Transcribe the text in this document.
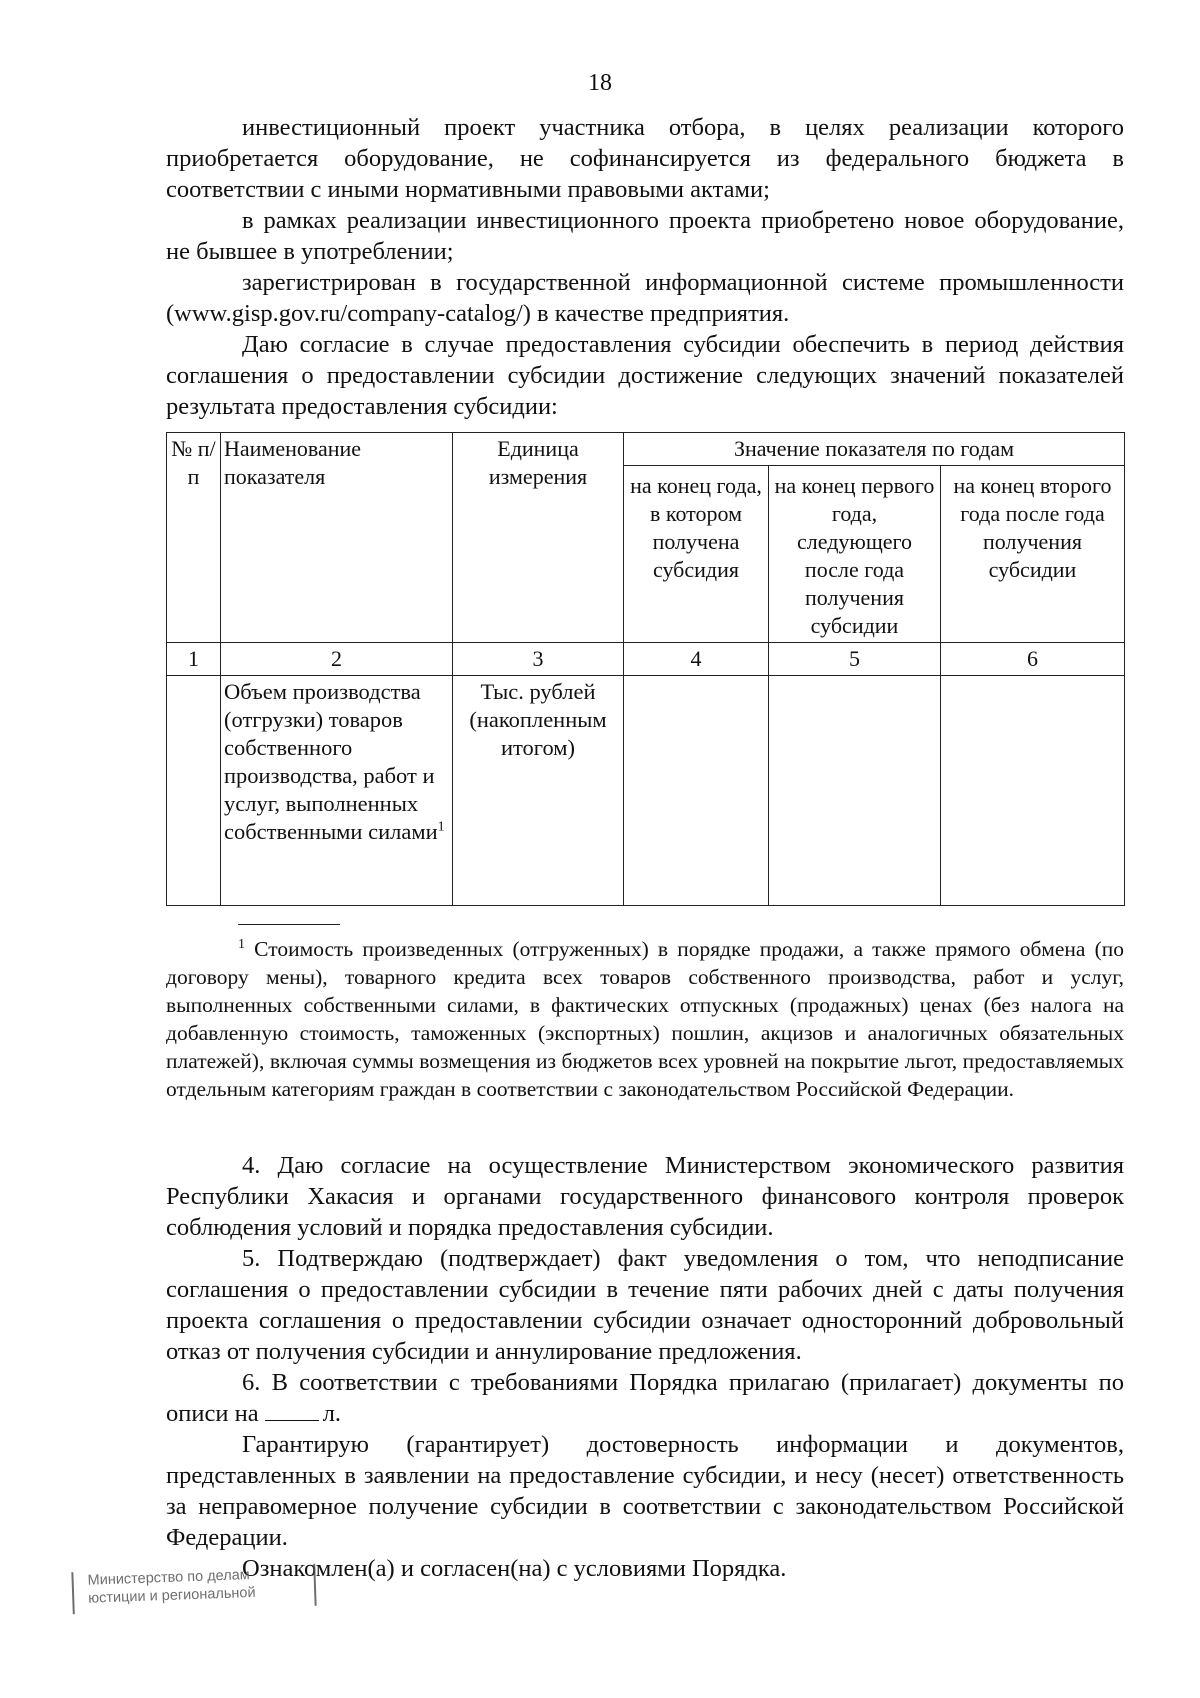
18

инвестиционный проект участника отбора, в целях реализации которого приобретается оборудование, не софинансируется из федерального бюджета в соответствии с иными нормативными правовыми актами;

в рамках реализации инвестиционного проекта приобретено новое оборудование, не бывшее в употреблении;

зарегистрирован в государственной информационной системе промышленности (www.gisp.gov.ru/company-catalog/) в качестве предприятия.

Даю согласие в случае предоставления субсидии обеспечить в период действия соглашения о предоставлении субсидии достижение следующих значений показателей результата предоставления субсидии:

№ п/п	Наименование показателя	Единица измерения	Значение показателя по годам		
			на конец года, в котором получена субсидия	на конец первого года, следующего после года получения субсидии	на конец второго года после года получения субсидии
1	2	3	4	5	6
	Объем производства (отгрузки) товаров собственного производства, работ и услуг, выполненных собственными силами$^1$	Тыс. рублей (накопленным итогом)			

$^1$ Стоимость произведенных (отгруженных) в порядке продажи, а также прямого обмена (по договору мены), товарного кредита всех товаров собственного производства, работ и услуг, выполненных собственными силами, в фактических отпускных (продажных) ценах (без налога на добавленную стоимость, таможенных (экспортных) пошлин, акцизов и аналогичных обязательных платежей), включая суммы возмещения из бюджетов всех уровней на покрытие льгот, предоставляемых отдельным категориям граждан в соответствии с законодательством Российской Федерации.

4. Даю согласие на осуществление Министерством экономического развития Республики Хакасия и органами государственного финансового контроля проверок соблюдения условий и порядка предоставления субсидии.

5. Подтверждаю (подтверждает) факт уведомления о том, что неподписание соглашения о предоставлении субсидии в течение пяти рабочих дней с даты получения проекта соглашения о предоставлении субсидии означает односторонний добровольный отказ от получения субсидии и аннулирование предложения.

6. В соответствии с требованиями Порядка прилагаю (прилагает) документы по описи на	л.

Гарантирую (гарантирует) достоверность информации и документов, представленных в заявлении на предоставление субсидии, и несу (несет) ответственность за неправомерное получение субсидии в соответствии с законодательством Российской Федерации.

Ознакомлен(а) и согласен(на) с условиями Порядка.

Министерство по делам
юстиции и региональной
